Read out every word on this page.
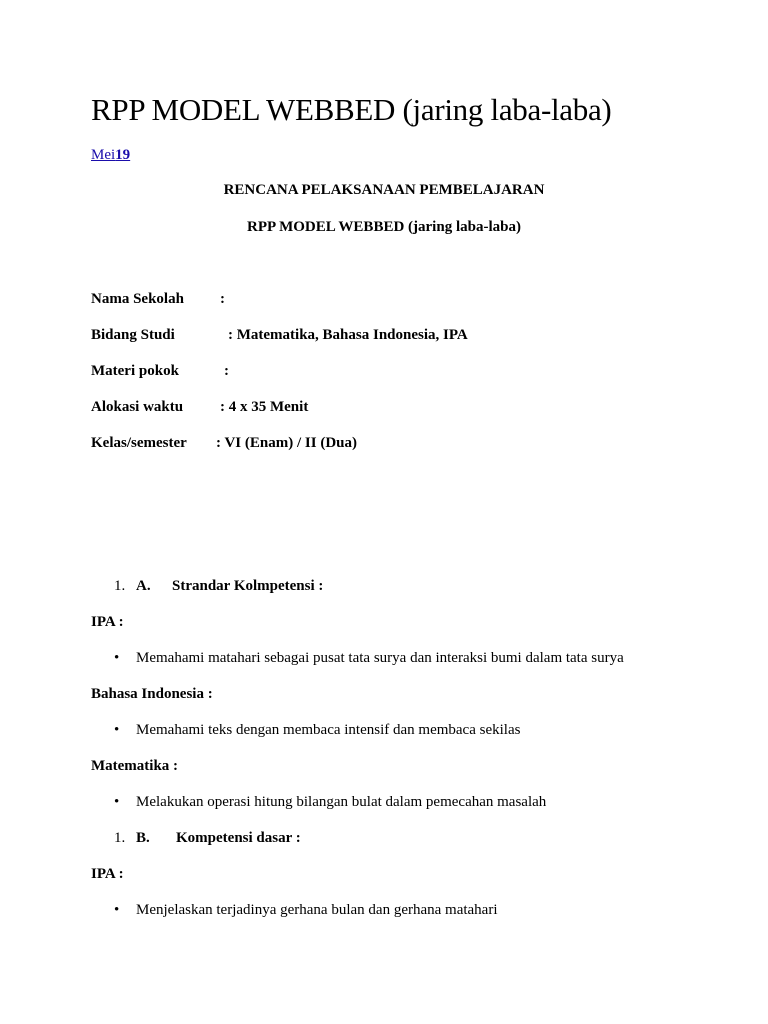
RPP MODEL WEBBED (jaring laba-laba)
Mei19
RENCANA PELAKSANAAN PEMBELAJARAN
RPP MODEL WEBBED (jaring laba-laba)
Nama Sekolah :
Bidang Studi	: Matematika, Bahasa Indonesia, IPA
Materi pokok	:
Alokasi waktu : 4 x 35 Menit
Kelas/semester : VI (Enam) / II (Dua)
1. A. Strandar Kolmpetensi :
IPA :
• Memahami matahari sebagai pusat tata surya dan interaksi bumi dalam tata surya
Bahasa Indonesia :
• Memahami teks dengan membaca intensif dan membaca sekilas
Matematika :
• Melakukan operasi hitung bilangan bulat dalam pemecahan masalah
1. B. Kompetensi dasar :
IPA :
• Menjelaskan terjadinya gerhana bulan dan gerhana matahari
